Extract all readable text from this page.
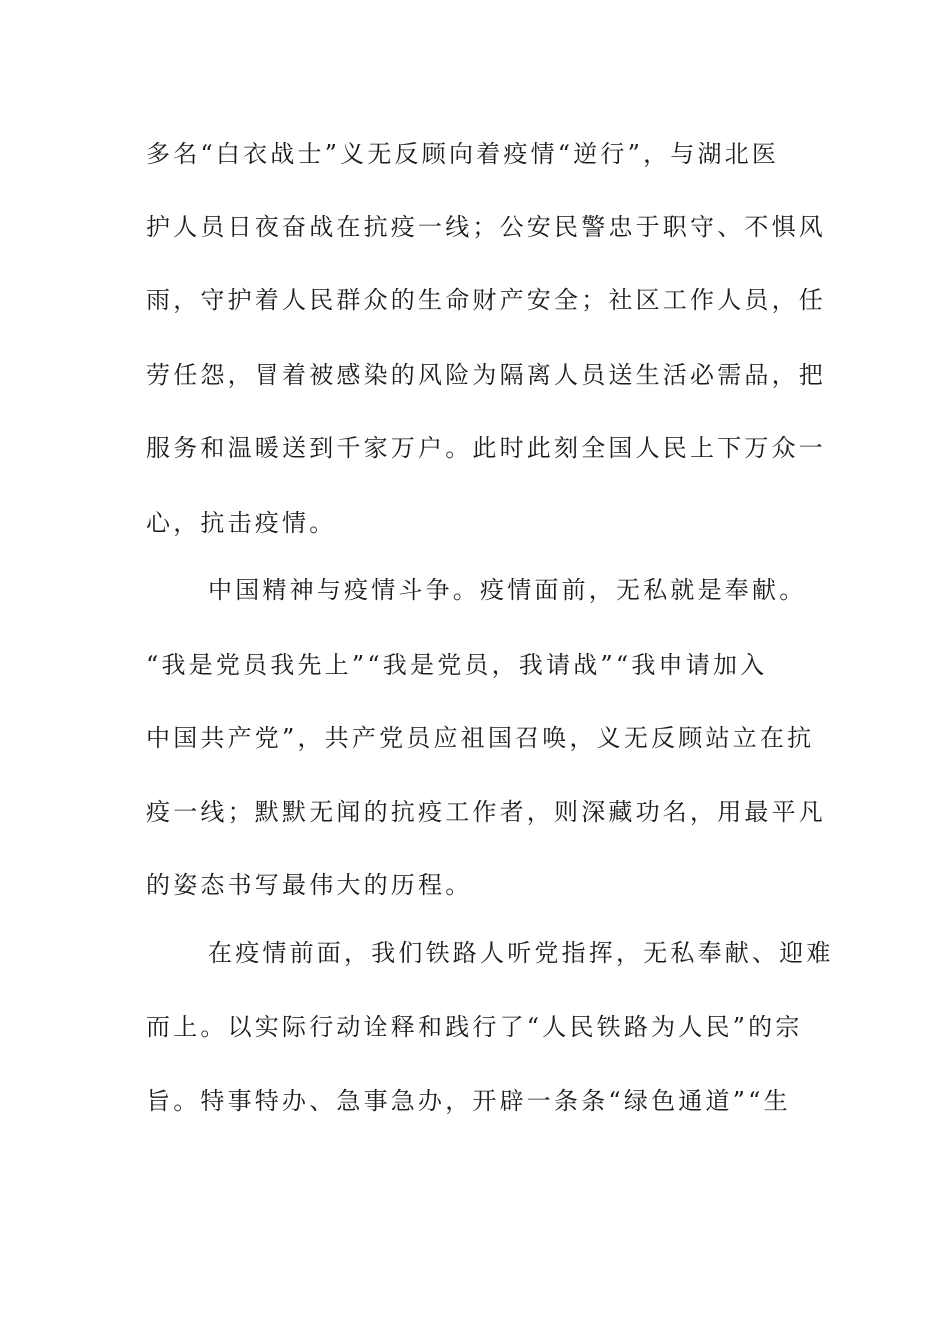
多名“白衣战士”义无反顾向着疫情“逆行”，与湖北医
护人员日夜奋战在抗疫一线；公安民警忠于职守、不惧风
雨，守护着人民群众的生命财产安全；社区工作人员，任
劳任怨，冒着被感染的风险为隔离人员送生活必需品，把
服务和温暖送到千家万户。此时此刻全国人民上下万众一
心，抗击疫情。
中国精神与疫情斗争。疫情面前，无私就是奉献。
“我是党员我先上”“我是党员，我请战”“我申请加入
中国共产党”，共产党员应祖国召唤，义无反顾站立在抗
疫一线；默默无闻的抗疫工作者，则深藏功名，用最平凡
的姿态书写最伟大的历程。
在疫情前面，我们铁路人听党指挥，无私奉献、迎难
而上。以实际行动诠释和践行了“人民铁路为人民”的宗
旨。特事特办、急事急办，开辟一条条“绿色通道”“生
